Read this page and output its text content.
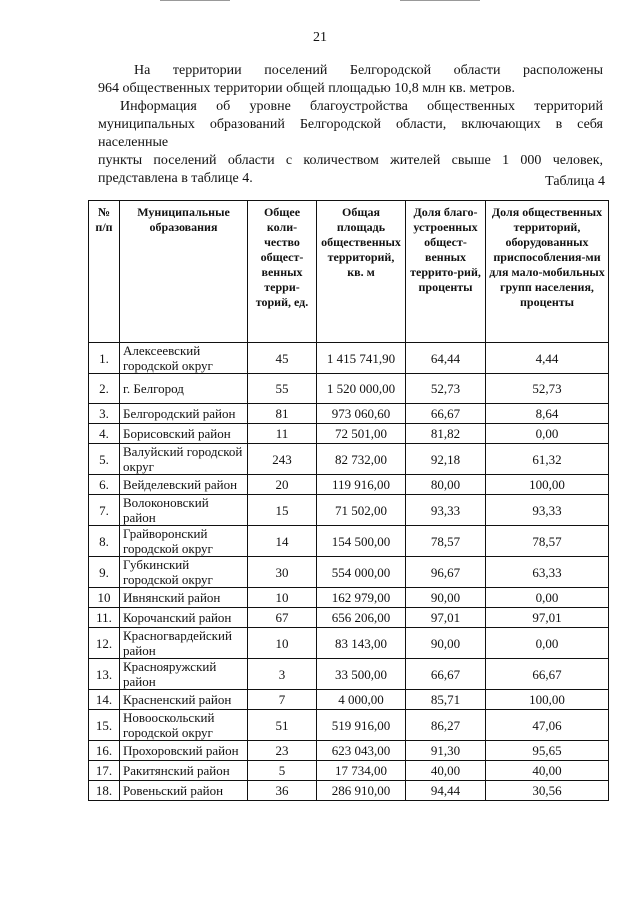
21
На территории поселений Белгородской области расположены
964 общественных территории общей площадью 10,8 млн кв. метров.
Информация об уровне благоустройства общественных территорий
муниципальных образований Белгородской области, включающих в себя населенные
пункты поселений области с количеством жителей свыше 1 000 человек,
представлена в таблице 4.	Таблица 4
№ п/п	Муниципальные образования	Общее коли-чество общест-венных терри-торий, ед.	Общая площадь общественных территорий, кв. м	Доля благо-устроенных общест-венных террито-рий, проценты	Доля общественных территорий, оборудованных приспособления-ми для мало-мобильных групп населения, проценты
1.	Алексеевский городской округ	45	1 415 741,90	64,44	4,44
2.	г. Белгород	55	1 520 000,00	52,73	52,73
3.	Белгородский район	81	973 060,60	66,67	8,64
4.	Борисовский район	11	72 501,00	81,82	0,00
5.	Валуйский городской округ	243	82 732,00	92,18	61,32
6.	Вейделевский район	20	119 916,00	80,00	100,00
7.	Волоконовский район	15	71 502,00	93,33	93,33
8.	Грайворонский городской округ	14	154 500,00	78,57	78,57
9.	Губкинский городской округ	30	554 000,00	96,67	63,33
10	Ивнянский район	10	162 979,00	90,00	0,00
11.	Корочанский район	67	656 206,00	97,01	97,01
12.	Красногвардейский район	10	83 143,00	90,00	0,00
13.	Краснояружский район	3	33 500,00	66,67	66,67
14.	Красненский район	7	4 000,00	85,71	100,00
15.	Новооскольский городской округ	51	519 916,00	86,27	47,06
16.	Прохоровский район	23	623 043,00	91,30	95,65
17.	Ракитянский район	5	17 734,00	40,00	40,00
18.	Ровеньский район	36	286 910,00	94,44	30,56
